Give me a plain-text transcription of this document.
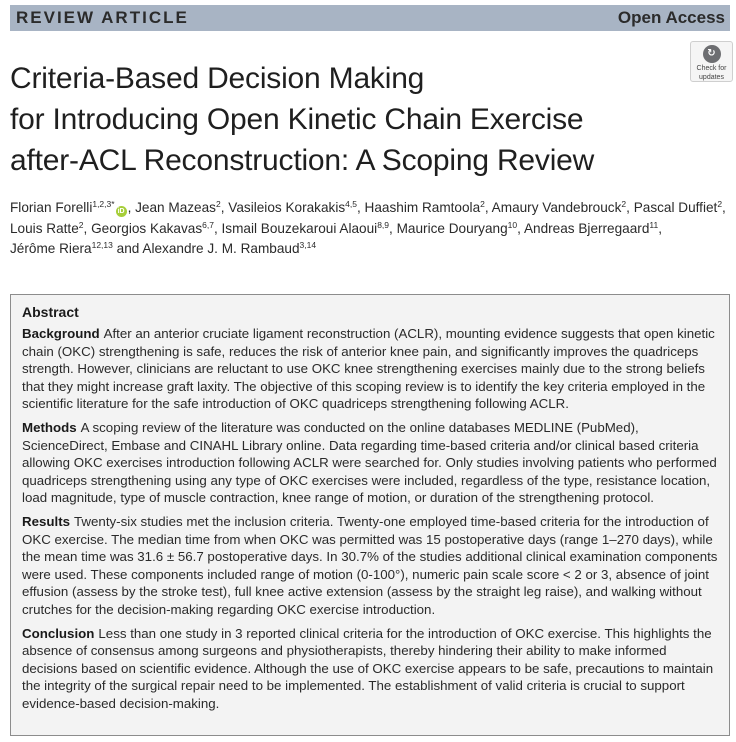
REVIEW ARTICLE	Open Access
↻
Check for
updates
Criteria-Based Decision Making
for Introducing Open Kinetic Chain Exercise
after-ACL Reconstruction: A Scoping Review
Florian Forelli$^{1,2,3*}$iD , Jean Mazeas$^2$, Vasileios Korakakis$^{4,5}$, Haashim Ramtoola$^2$, Amaury Vandebrouck$^2$, Pascal Duffiet$^2$,
Louis Ratte$^2$, Georgios Kakavas$^{6,7}$, Ismail Bouzekaroui Alaoui$^{8,9}$, Maurice Douryang$^{10}$, Andreas Bjerregaard$^{11}$,
Jérôme Riera$^{12,13}$ and Alexandre J. M. Rambaud$^{3,14}$
Abstract

Background After an anterior cruciate ligament reconstruction (ACLR), mounting evidence suggests that open kinetic chain (OKC) strengthening is safe, reduces the risk of anterior knee pain, and significantly improves the quadriceps strength. However, clinicians are reluctant to use OKC knee strengthening exercises mainly due to the strong beliefs that they might increase graft laxity. The objective of this scoping review is to identify the key criteria employed in the scientific literature for the safe introduction of OKC quadriceps strengthening following ACLR.

Methods A scoping review of the literature was conducted on the online databases MEDLINE (PubMed), ScienceDirect, Embase and CINAHL Library online. Data regarding time-based criteria and/or clinical based criteria allowing OKC exercises introduction following ACLR were searched for. Only studies involving patients who performed quadriceps strengthening using any type of OKC exercises were included, regardless of the type, resistance location, load magnitude, type of muscle contraction, knee range of motion, or duration of the strengthening protocol.

Results Twenty-six studies met the inclusion criteria. Twenty-one employed time-based criteria for the introduction of OKC exercise. The median time from when OKC was permitted was 15 postoperative days (range 1–270 days), while the mean time was 31.6 ± 56.7 postoperative days. In 30.7% of the studies additional clinical examination components were used. These components included range of motion (0-100°), numeric pain scale score < 2 or 3, absence of joint effusion (assess by the stroke test), full knee active extension (assess by the straight leg raise), and walking without crutches for the decision-making regarding OKC exercise introduction.

Conclusion Less than one study in 3 reported clinical criteria for the introduction of OKC exercise. This highlights the absence of consensus among surgeons and physiotherapists, thereby hindering their ability to make informed decisions based on scientific evidence. Although the use of OKC exercise appears to be safe, precautions to maintain the integrity of the surgical repair need to be implemented. The establishment of valid criteria is crucial to support evidence-based decision-making.
